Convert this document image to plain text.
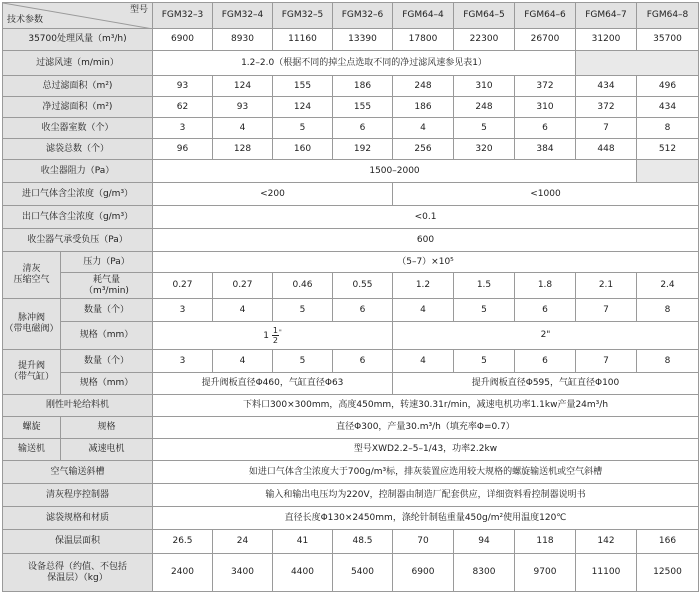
型号
技术参数		FGM32–3	FGM32–4	FGM32–5	FGM32–6	FGM64–4	FGM64–5	FGM64–6	FGM64–7	FGM64–8
35700处理风量（m³/h)		6900	8930	11160	13390	17800	22300	26700	31200	35700
过滤风速（m/min）		1.2–2.0（根据不同的掉尘点选取不同的净过滤风速参见表1）								
总过滤面积（m²)		93	124	155	186	248	310	372	434	496
净过滤面积（m²)		62	93	124	155	186	248	310	372	434
收尘器室数（个）		3	4	5	6	4	5	6	7	8
滤袋总数（个）		96	128	160	192	256	320	384	448	512
收尘器阻力（Pa）		1500–2000								
进口气体含尘浓度（g/m³）		<200				<1000				
出口气体含尘浓度（g/m³）		<0.1								
收尘器气承受负压（Pa）		600								
清灰
压缩空气	压力（Pa）	（5–7）×10⁵								
	耗气量
（m³/min)	0.27	0.27	0.46	0.55	1.2	1.5	1.8	2.1	2.4
脉冲阀
（带电磁阀）	数量（个）	3	4	5	6	4	5	6	7	8
	规格（mm）	$1 \frac{1}{2} ^"$				2"				
提升阀
（带气缸）	数量（个）	3	4	5	6	4	5	6	7	8
	规格（mm）	提升阀板直径Φ460，气缸直径Φ63				提升阀板直径Φ595，气缸直径Φ100				
刚性叶轮给料机		下料口300×300mm，高度450mm，转速30.31r/min，减速电机功率1.1kw产量24m³/h								
螺旋	规格	直径Φ300，产量30.m³/h（填充率Φ=0.7）								
输送机	减速电机	型号XWD2.2–5–1/43，功率2.2kw								
空气输送斜槽		如进口气体含尘浓度大于700g/m³标，排灰装置应选用较大规格的螺旋输送机或空气斜槽								
清灰程序控制器		输入和输出电压均为220V，控制器由制造厂配套供应，详细资料看控制器说明书								
滤袋规格和材质		直径长度Φ130×2450mm，涤纶针制毡重量450g/m²使用温度120℃								
保温层面积		26.5	24	41	48.5	70	94	118	142	166
设备总得（约值、不包括
保温层）（kg）		2400	3400	4400	5400	6900	8300	9700	11100	12500
